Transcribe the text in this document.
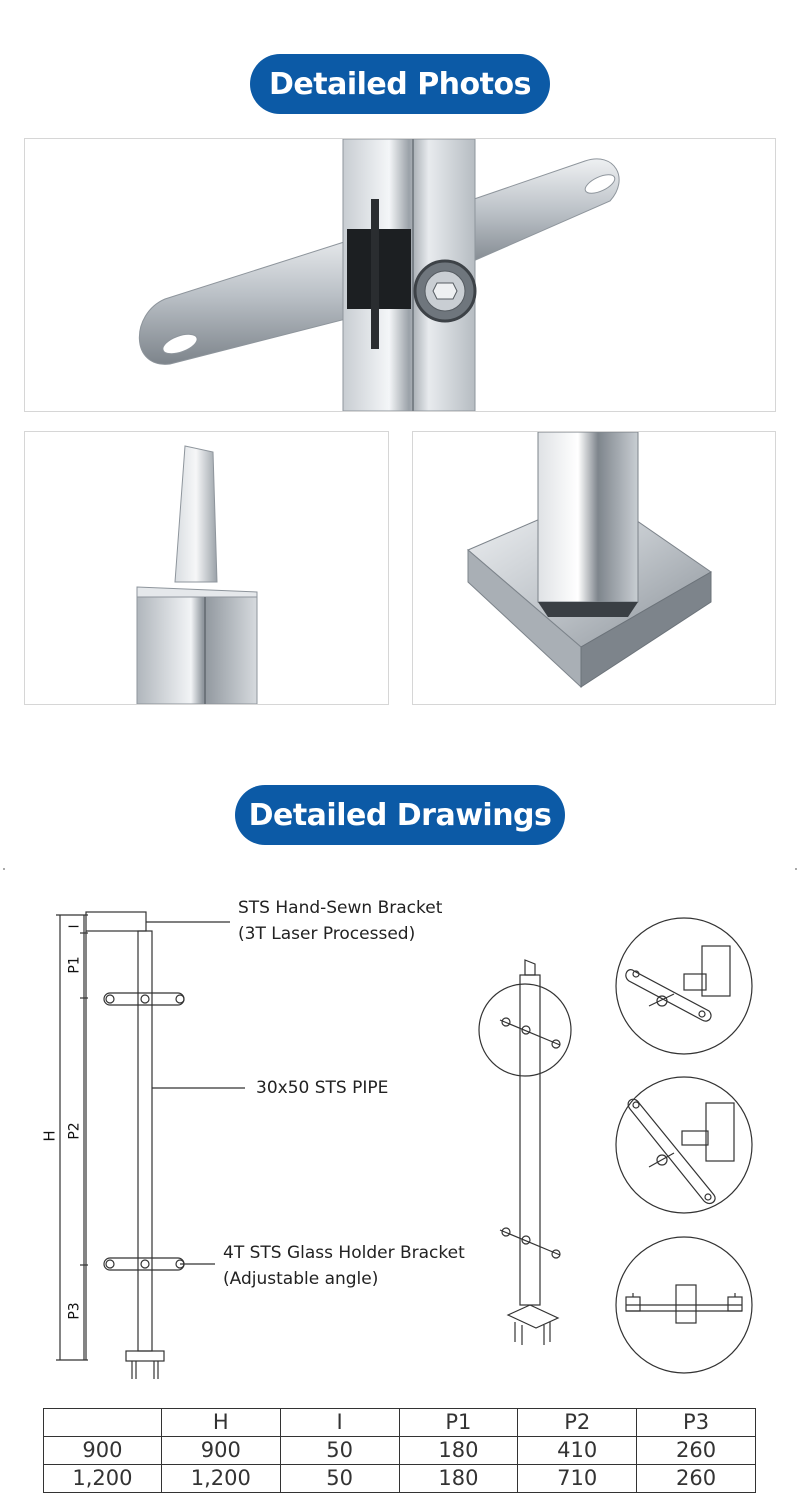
Detailed Photos
Detailed Drawings
I
P1
H P2
P3
STS Hand-Sewn Bracket
(3T Laser Processed)
30x50 STS PIPE
4T STS Glass Holder Bracket
(Adjustable angle)
	H	I	P1	P2	P3
900	900	50	180	410	260
1,200	1,200	50	180	710	260
